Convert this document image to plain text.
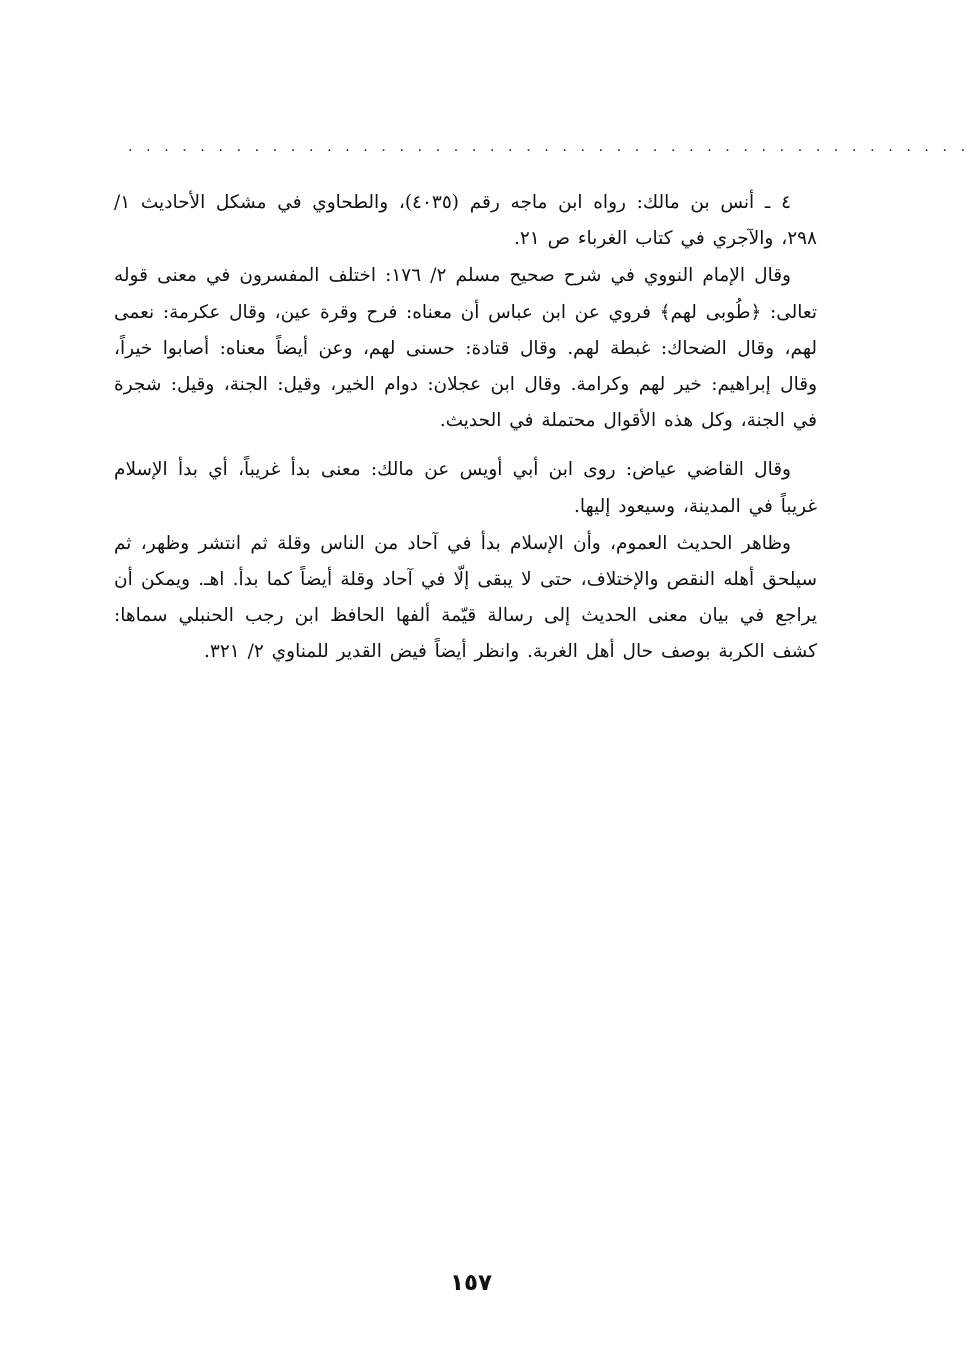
. . . . . . . . . . . . . . . . . . . . . . . . . . . . . . . . . . . . . . . . . . . . . . .

٤ ـ أنس بن مالك: رواه ابن ماجه رقم (٤٠٣٥)، والطحاوي في مشكل الأحاديث ١/ ٢٩٨، والآجري في كتاب الغرباء ص ٢١.

وقال الإمام النووي في شرح صحيح مسلم ٢/ ١٧٦: اختلف المفسرون في معنى قوله تعالى: ﴿طُوبى لهم﴾ فروي عن ابن عباس أن معناه: فرح وقرة عين، وقال عكرمة: نعمى لهم، وقال الضحاك: غبطة لهم. وقال قتادة: حسنى لهم، وعن أيضاً معناه: أصابوا خيراً، وقال إبراهيم: خير لهم وكرامة. وقال ابن عجلان: دوام الخير، وقيل: الجنة، وقيل: شجرة في الجنة، وكل هذه الأقوال محتملة في الحديث.

وقال القاضي عياض: روى ابن أبي أويس عن مالك: معنى بدأ غريباً، أي بدأ الإسلام غريباً في المدينة، وسيعود إليها.

وظاهر الحديث العموم، وأن الإسلام بدأ في آحاد من الناس وقلة ثم انتشر وظهر، ثم سيلحق أهله النقص والإختلاف، حتى لا يبقى إلّا في آحاد وقلة أيضاً كما بدأ. اهـ. ويمكن أن يراجع في بيان معنى الحديث إلى رسالة قيّمة ألفها الحافظ ابن رجب الحنبلي سماها: كشف الكربة بوصف حال أهل الغربة. وانظر أيضاً فيض القدير للمناوي ٢/ ٣٢١.

١٥٧
